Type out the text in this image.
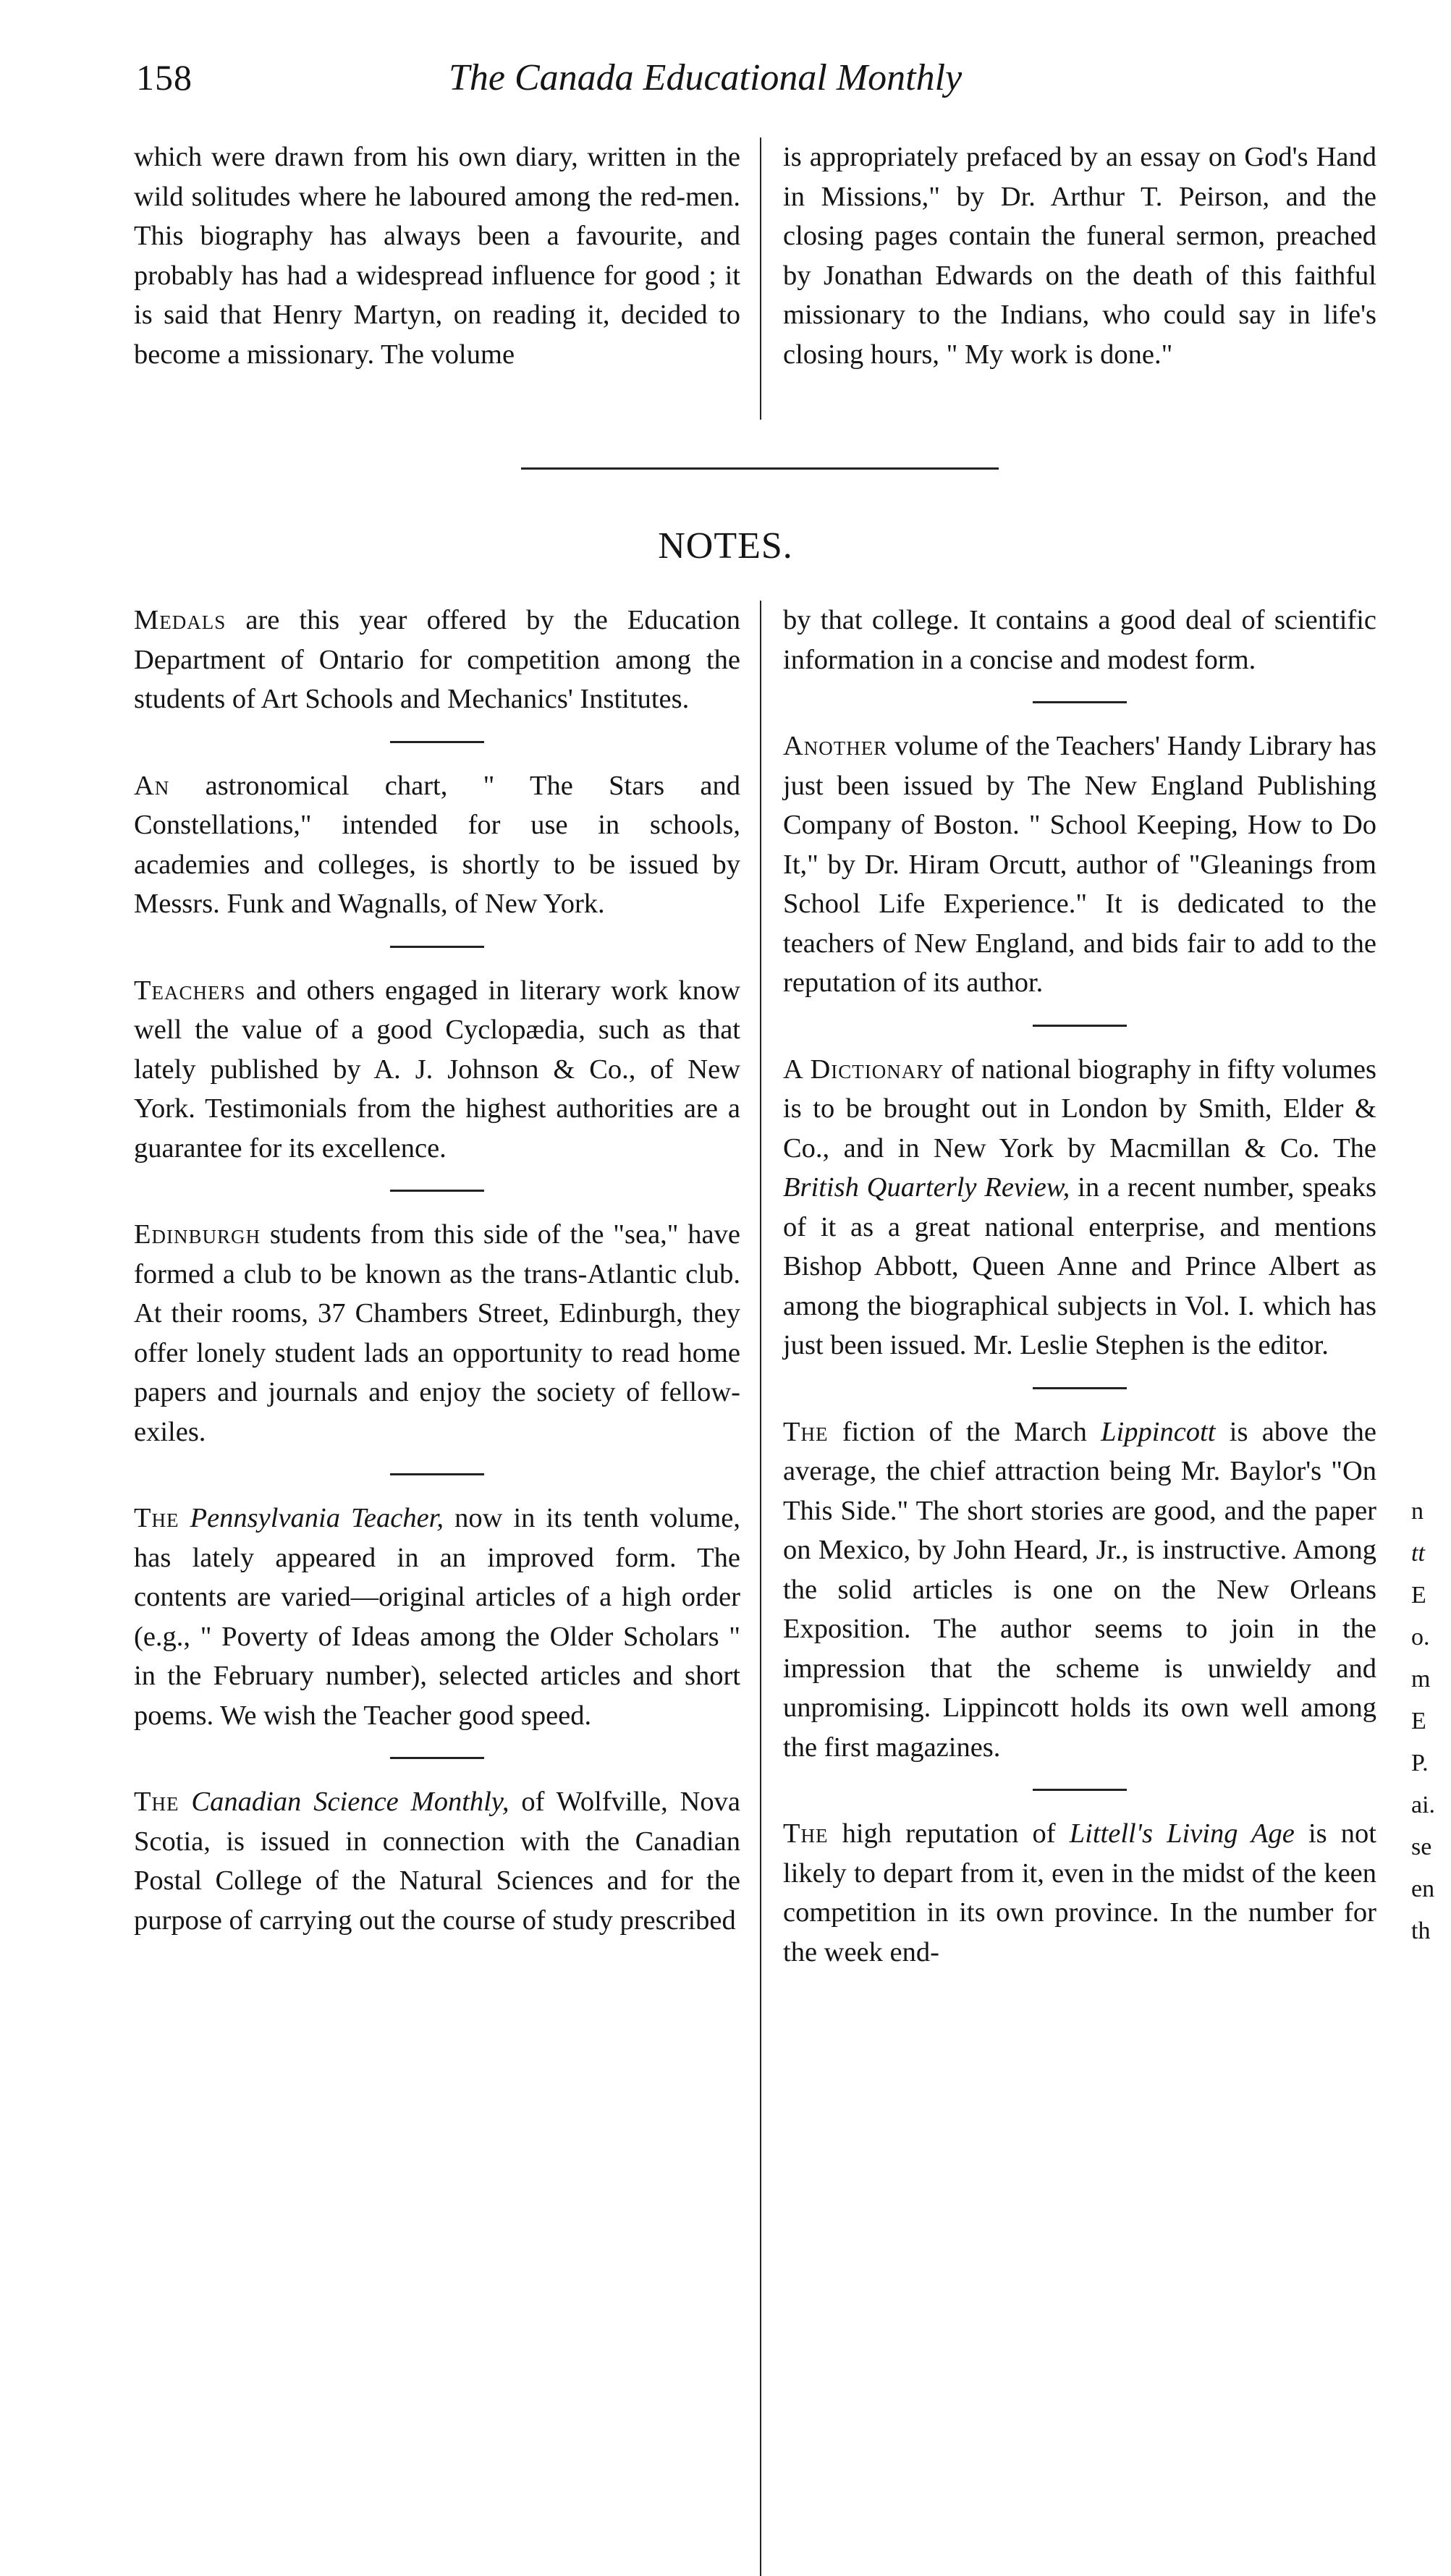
158	The Canada Educational Monthly

which were drawn from his own diary, written in the wild solitudes where he laboured among the red-men. This biography has always been a favourite, and probably has had a widespread influence for good ; it is said that Henry Martyn, on reading it, decided to become a missionary. The volume

is appropriately prefaced by an essay on God's Hand in Missions," by Dr. Arthur T. Peirson, and the closing pages contain the funeral sermon, preached by Jonathan Edwards on the death of this faithful missionary to the Indians, who could say in life's closing hours, " My work is done."

NOTES.

Medals are this year offered by the Education Department of Ontario for competition among the students of Art Schools and Mechanics' Institutes.

An astronomical chart, " The Stars and Constellations," intended for use in schools, academies and colleges, is shortly to be issued by Messrs. Funk and Wagnalls, of New York.

Teachers and others engaged in literary work know well the value of a good Cyclopædia, such as that lately published by A. J. Johnson & Co., of New York. Testimonials from the highest authorities are a guarantee for its excellence.

Edinburgh students from this side of the "sea," have formed a club to be known as the trans-Atlantic club. At their rooms, 37 Chambers Street, Edinburgh, they offer lonely student lads an opportunity to read home papers and journals and enjoy the society of fellow-exiles.

The Pennsylvania Teacher, now in its tenth volume, has lately appeared in an improved form. The contents are varied—original articles of a high order (e.g., " Poverty of Ideas among the Older Scholars " in the February number), selected articles and short poems. We wish the Teacher good speed.

The Canadian Science Monthly, of Wolfville, Nova Scotia, is issued in connection with the Canadian Postal College of the Natural Sciences and for the purpose of carrying out the course of study prescribed

by that college. It contains a good deal of scientific information in a concise and modest form.

Another volume of the Teachers' Handy Library has just been issued by The New England Publishing Company of Boston. " School Keeping, How to Do It," by Dr. Hiram Orcutt, author of "Gleanings from School Life Experience." It is dedicated to the teachers of New England, and bids fair to add to the reputation of its author.

A Dictionary of national biography in fifty volumes is to be brought out in London by Smith, Elder & Co., and in New York by Macmillan & Co. The British Quarterly Review, in a recent number, speaks of it as a great national enterprise, and mentions Bishop Abbott, Queen Anne and Prince Albert as among the biographical subjects in Vol. I. which has just been issued. Mr. Leslie Stephen is the editor.

The fiction of the March Lippincott is above the average, the chief attraction being Mr. Baylor's "On This Side." The short stories are good, and the paper on Mexico, by John Heard, Jr., is instructive. Among the solid articles is one on the New Orleans Exposition. The author seems to join in the impression that the scheme is unwieldy and unpromising. Lippincott holds its own well among the first magazines.

The high reputation of Littell's Living Age is not likely to depart from it, even in the midst of the keen competition in its own province. In the number for the week end-

n
tt
E
o.
m
E
P.
ai.
se
en
th
